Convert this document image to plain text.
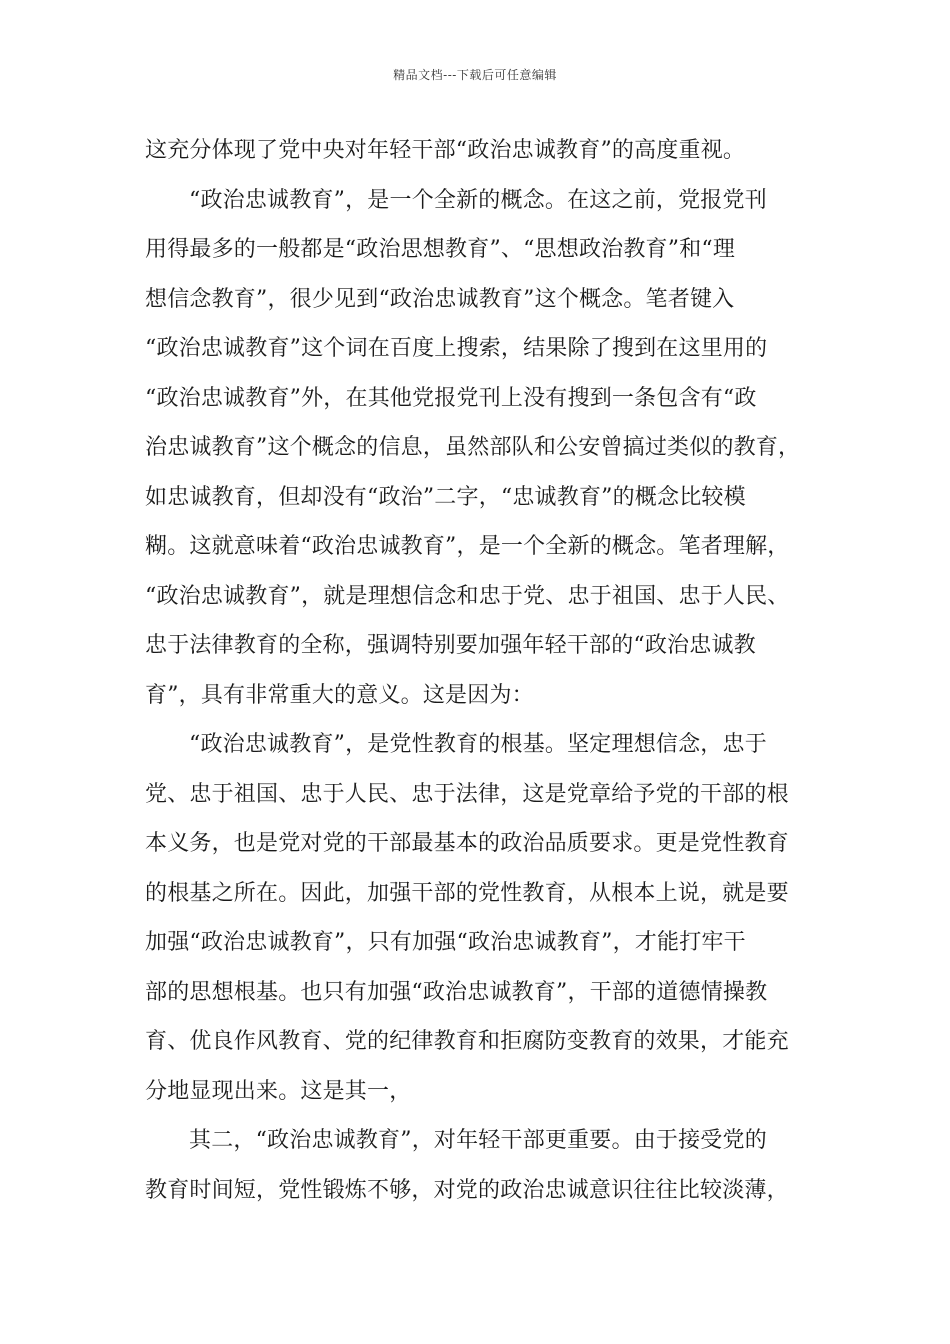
精品文档---下载后可任意编辑
这充分体现了党中央对年轻干部“政治忠诚教育”的高度重视。
“政治忠诚教育”，是一个全新的概念。在这之前，党报党刊
用得最多的一般都是“政治思想教育”、“思想政治教育”和“理
想信念教育”，很少见到“政治忠诚教育”这个概念。笔者键入
“政治忠诚教育”这个词在百度上搜索，结果除了搜到在这里用的
“政治忠诚教育”外，在其他党报党刊上没有搜到一条包含有“政
治忠诚教育”这个概念的信息，虽然部队和公安曾搞过类似的教育，
如忠诚教育，但却没有“政治”二字，“忠诚教育”的概念比较模
糊。这就意味着“政治忠诚教育”，是一个全新的概念。笔者理解，
“政治忠诚教育”，就是理想信念和忠于党、忠于祖国、忠于人民、
忠于法律教育的全称，强调特别要加强年轻干部的“政治忠诚教
育”，具有非常重大的意义。这是因为：
“政治忠诚教育”，是党性教育的根基。坚定理想信念，忠于
党、忠于祖国、忠于人民、忠于法律，这是党章给予党的干部的根
本义务，也是党对党的干部最基本的政治品质要求。更是党性教育
的根基之所在。因此，加强干部的党性教育，从根本上说，就是要
加强“政治忠诚教育”，只有加强“政治忠诚教育”，才能打牢干
部的思想根基。也只有加强“政治忠诚教育”，干部的道德情操教
育、优良作风教育、党的纪律教育和拒腐防变教育的效果，才能充
分地显现出来。这是其一，
其二，“政治忠诚教育”，对年轻干部更重要。由于接受党的
教育时间短，党性锻炼不够，对党的政治忠诚意识往往比较淡薄，
